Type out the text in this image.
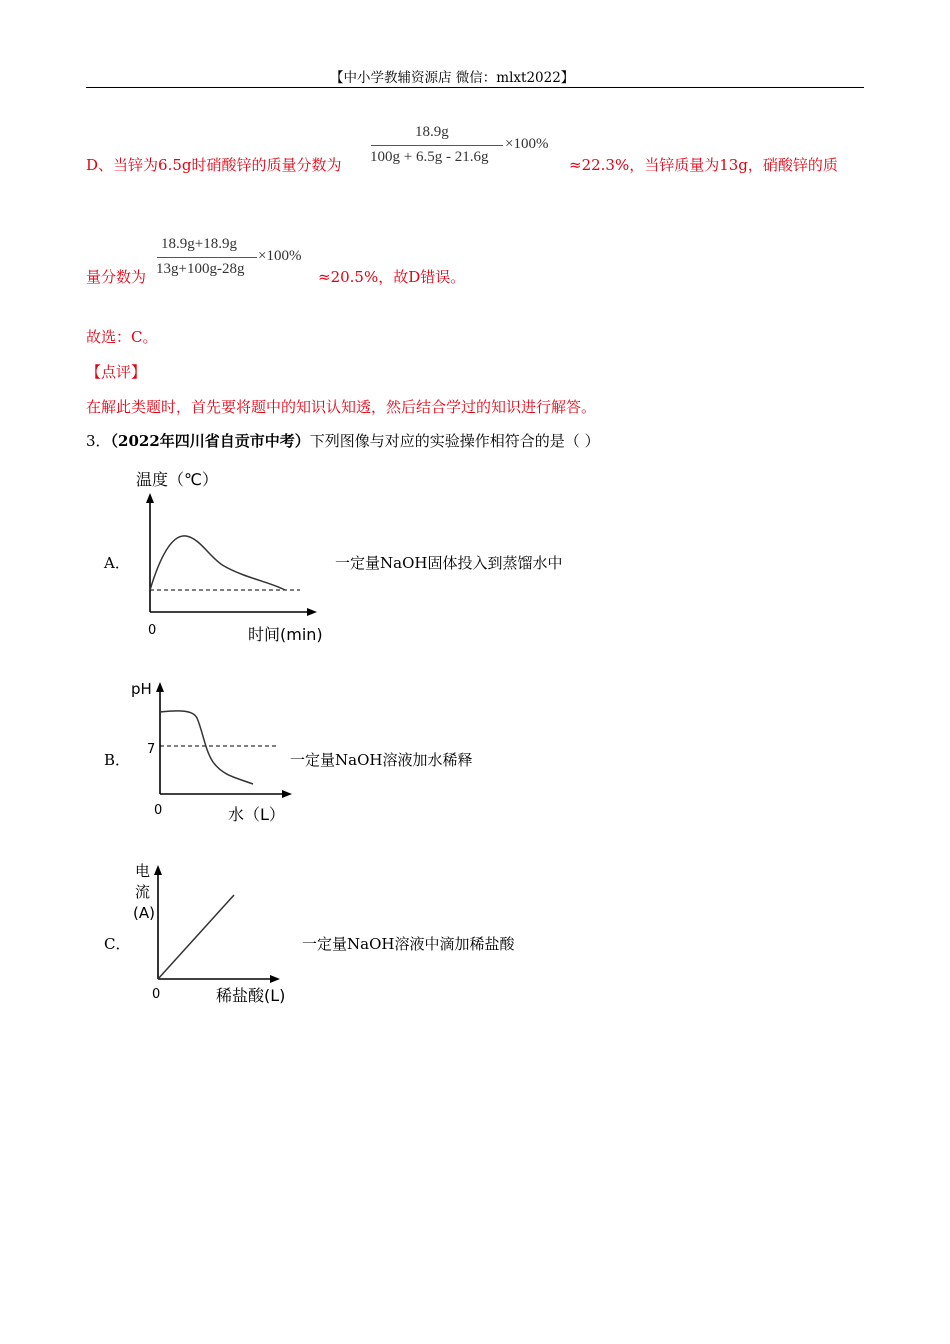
【中小学教辅资源店 微信：mlxt2022】
D、当锌为6.5g时硝酸锌的质量分数为
18.9g
100g + 6.5g - 21.6g
×100%
≈22.3%，当锌质量为13g，硝酸锌的质
量分数为
18.9g+18.9g
13g+100g-28g
×100%
≈20.5%，故D错误。
故选：C。
【点评】
在解此类题时，首先要将题中的知识认知透，然后结合学过的知识进行解答。
3．（2022年四川省自贡市中考）下列图像与对应的实验操作相符合的是（ ）
A．
温度（℃）
0	时间(min)
一定量NaOH固体投入到蒸馏水中
B．
pH
7
0	水（L）
一定量NaOH溶液加水稀释
C．
电
流
(A)
0	稀盐酸(L)
一定量NaOH溶液中滴加稀盐酸
